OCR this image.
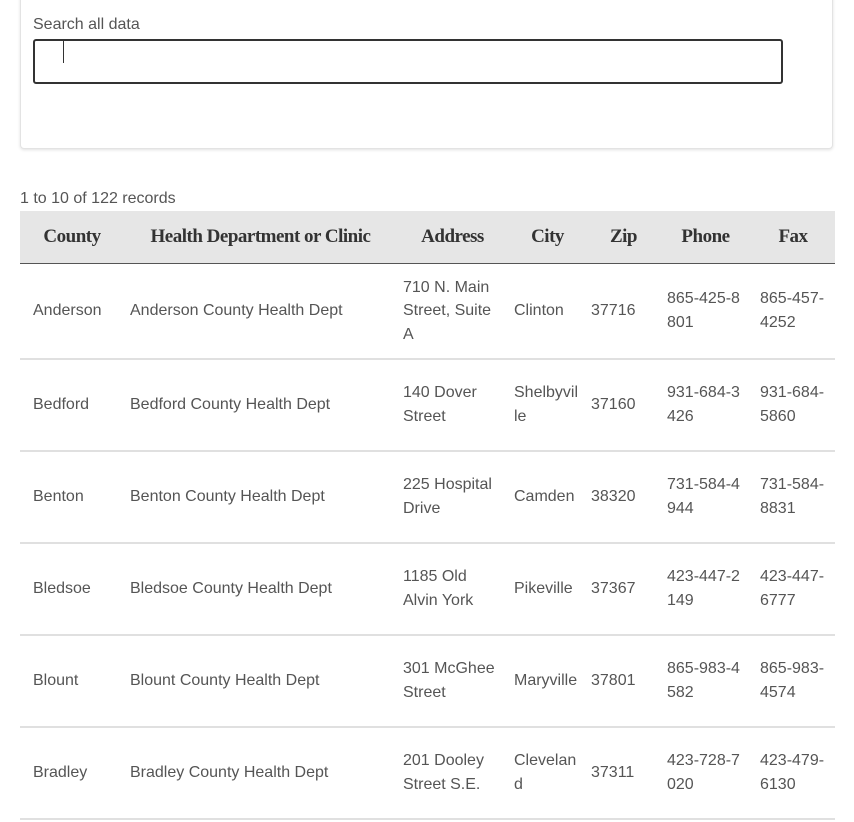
Search all data
1 to 10 of 122 records
County	Health Department or Clinic	Address	City	Zip	Phone	Fax
Anderson	Anderson County Health Dept	710 N. Main Street, Suite A	Clinton	37716	865-425-8801	865-457-4252
Bedford	Bedford County Health Dept	140 Dover Street	Shelbyville	37160	931-684-3426	931-684-5860
Benton	Benton County Health Dept	225 Hospital Drive	Camden	38320	731-584-4944	731-584-8831
Bledsoe	Bledsoe County Health Dept	1185 Old Alvin York	Pikeville	37367	423-447-2149	423-447-6777
Blount	Blount County Health Dept	301 McGhee Street	Maryville	37801	865-983-4582	865-983-4574
Bradley	Bradley County Health Dept	201 Dooley Street S.E.	Cleveland	37311	423-728-7020	423-479-6130
